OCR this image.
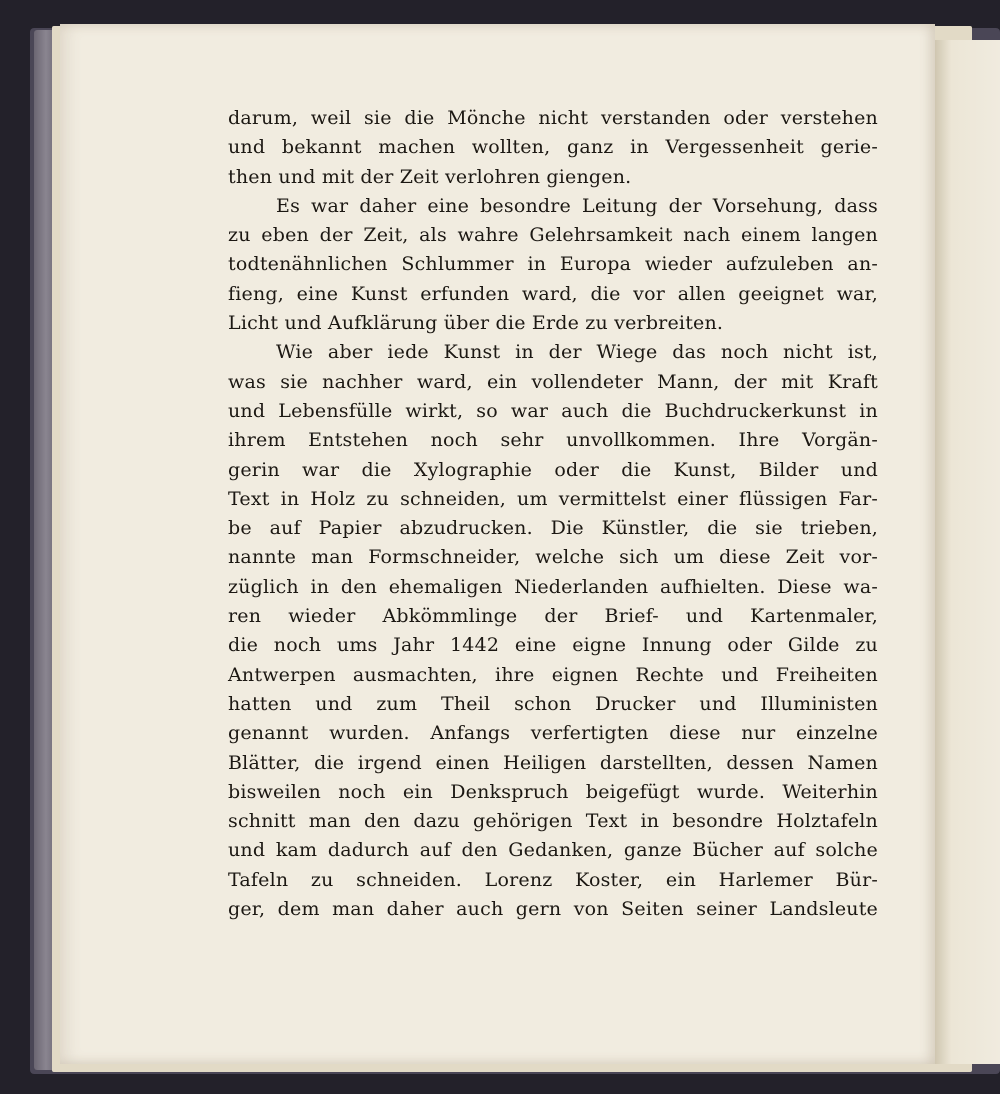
darum, weil sie die Mönche nicht verstanden oder verstehen
und bekannt machen wollten, ganz in Vergessenheit gerie-
then und mit der Zeit verlohren giengen.
Es war daher eine besondre Leitung der Vorsehung, dass
zu eben der Zeit, als wahre Gelehrsamkeit nach einem langen
todtenähnlichen Schlummer in Europa wieder aufzuleben an-
fieng, eine Kunst erfunden ward, die vor allen geeignet war,
Licht und Aufklärung über die Erde zu verbreiten.
Wie aber iede Kunst in der Wiege das noch nicht ist,
was sie nachher ward, ein vollendeter Mann, der mit Kraft
und Lebensfülle wirkt, so war auch die Buchdruckerkunst in
ihrem Entstehen noch sehr unvollkommen. Ihre Vorgän-
gerin war die Xylographie oder die Kunst, Bilder und
Text in Holz zu schneiden, um vermittelst einer flüssigen Far-
be auf Papier abzudrucken. Die Künstler, die sie trieben,
nannte man Formschneider, welche sich um diese Zeit vor-
züglich in den ehemaligen Niederlanden aufhielten. Diese wa-
ren wieder Abkömmlinge der Brief- und Kartenmaler,
die noch ums Jahr 1442 eine eigne Innung oder Gilde zu
Antwerpen ausmachten, ihre eignen Rechte und Freiheiten
hatten und zum Theil schon Drucker und Illuministen
genannt wurden. Anfangs verfertigten diese nur einzelne
Blätter, die irgend einen Heiligen darstellten, dessen Namen
bisweilen noch ein Denkspruch beigefügt wurde. Weiterhin
schnitt man den dazu gehörigen Text in besondre Holztafeln
und kam dadurch auf den Gedanken, ganze Bücher auf solche
Tafeln zu schneiden. Lorenz Koster, ein Harlemer Bür-
ger, dem man daher auch gern von Seiten seiner Landsleute
